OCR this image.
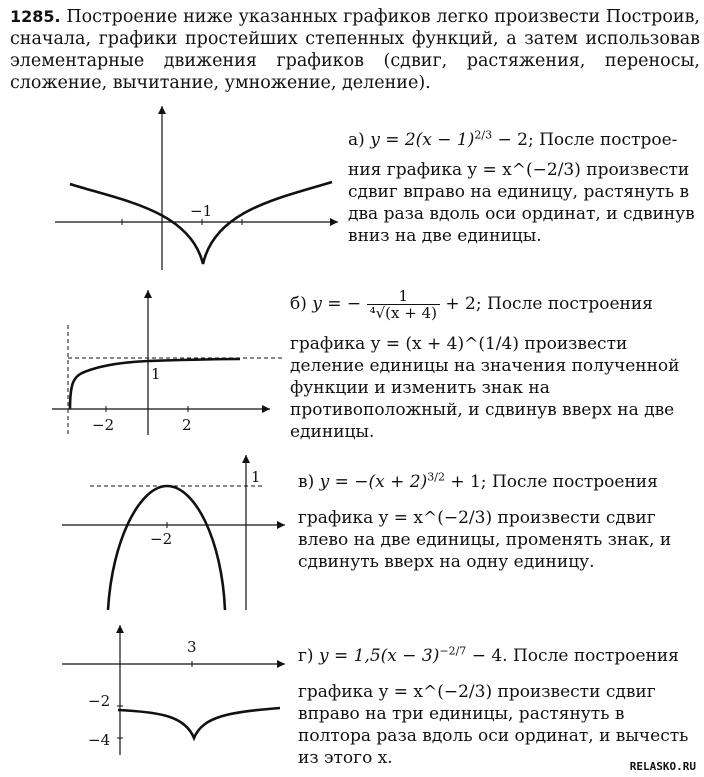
1285. Построение ниже указанных графиков легко произвести Построив, сначала, графики простейших степенных функций, а затем использовав элементарные движения графиков (сдвиг, растяжения, переносы, сложение, вычитание, умножение, деление).
−1
−2	2
1
−2
1
3
−2
−4
а) $y = 2(x - 1)^{2/3} - 2$; После построе-
ния графика y = x^(−2/3) произвести сдвиг вправо на единицу, растянуть в два раза вдоль оси ординат, и сдвинув вниз на две единицы.
б) y = − $\frac{1}{\text{⁴√(x + 4)}} + 2$; После построения
графика y = (x + 4)^(1/4) произвести деление единицы на значения полученной функции и изменить знак на противоположный, и сдвинув вверх на две единицы.
в) $y = -(x + 2)^{3/2} + 1$; После построения
графика y = x^(−2/3) произвести сдвиг влево на две единицы, променять знак, и сдвинуть вверх на одну единицу.
г) $y = 1,5(x - 3)^{-2/7} - 4$. После построения
графика y = x^(−2/3) произвести сдвиг вправо на три единицы, растянуть в полтора раза вдоль оси ординат, и вычесть из этого x.	RELASKO.RU
